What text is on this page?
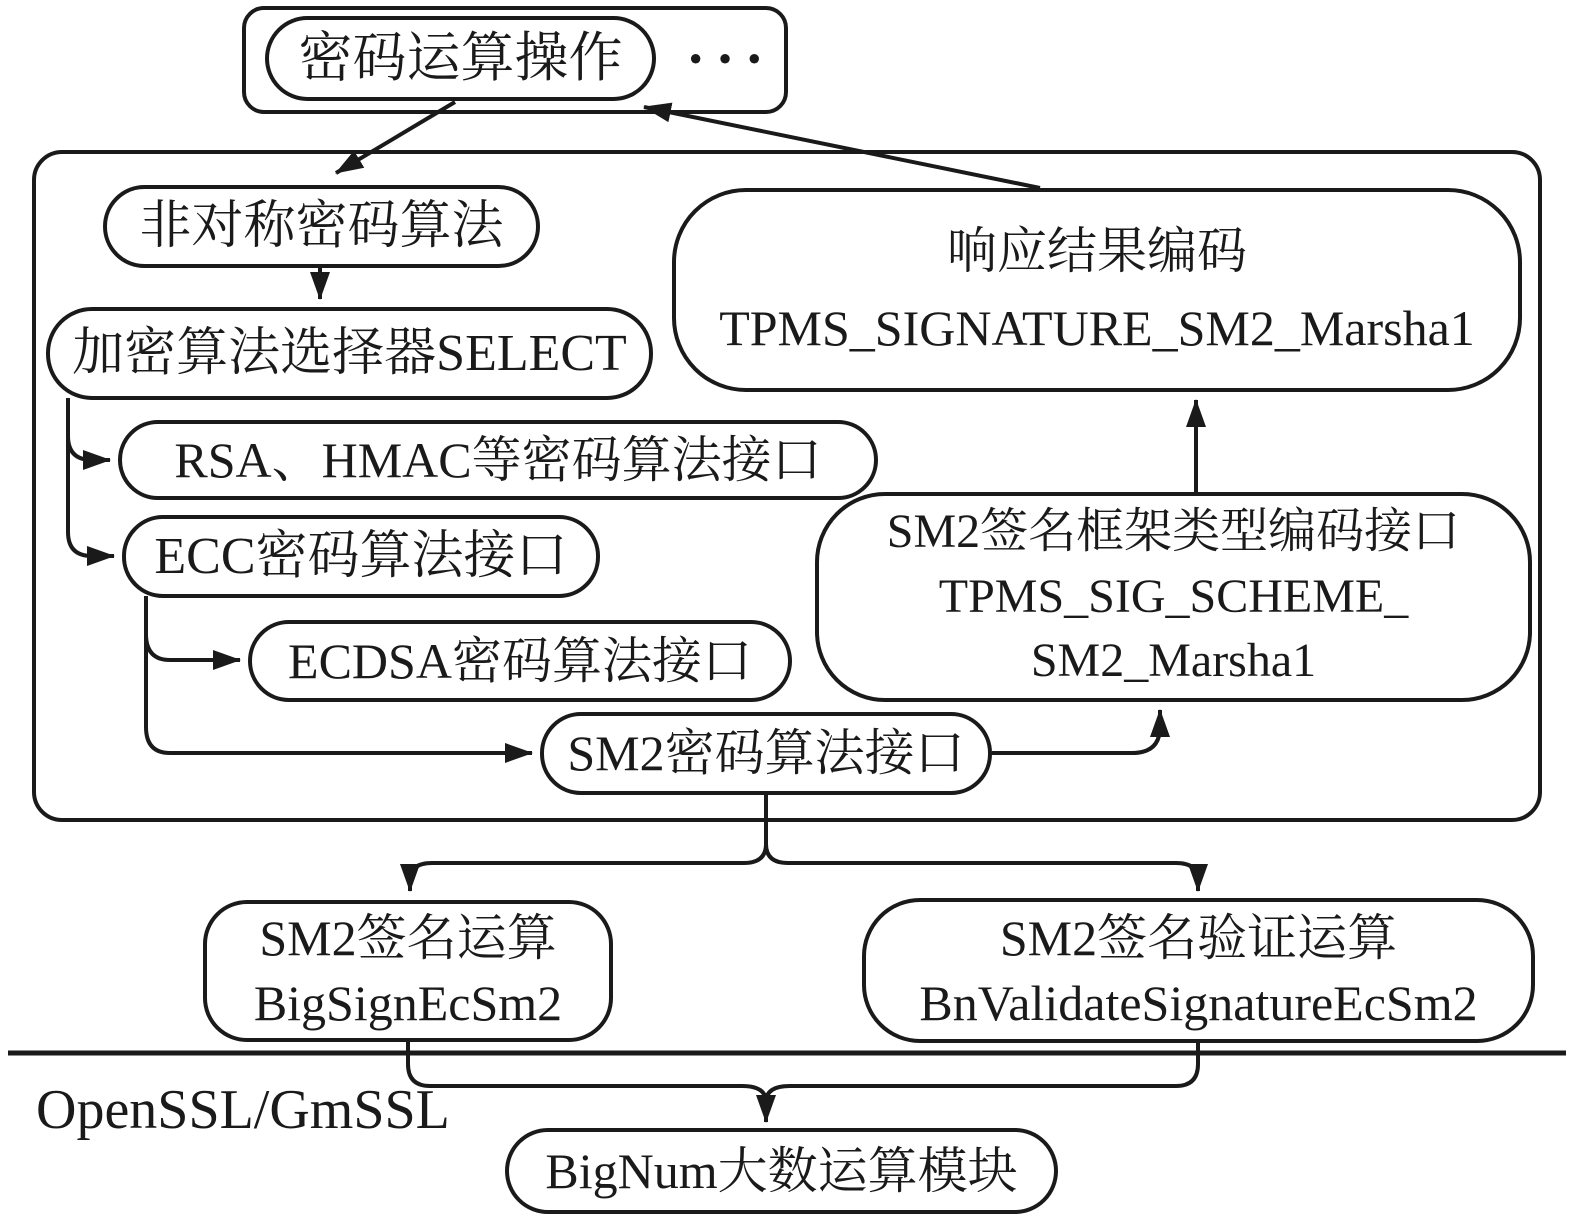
密码运算操作 ···
非对称密码算法
加密算法选择器SELECT
RSA、HMAC等密码算法接口
ECC密码算法接口
ECDSA密码算法接口
SM2密码算法接口
响应结果编码
TPMS_SIGNATURE_SM2_Marsha1
SM2签名框架类型编码接口
TPMS_SIG_SCHEME_
SM2_Marsha1
SM2签名运算
BigSignEcSm2
SM2签名验证运算
BnValidateSignatureEcSm2
OpenSSL/GmSSL
BigNum大数运算模块
